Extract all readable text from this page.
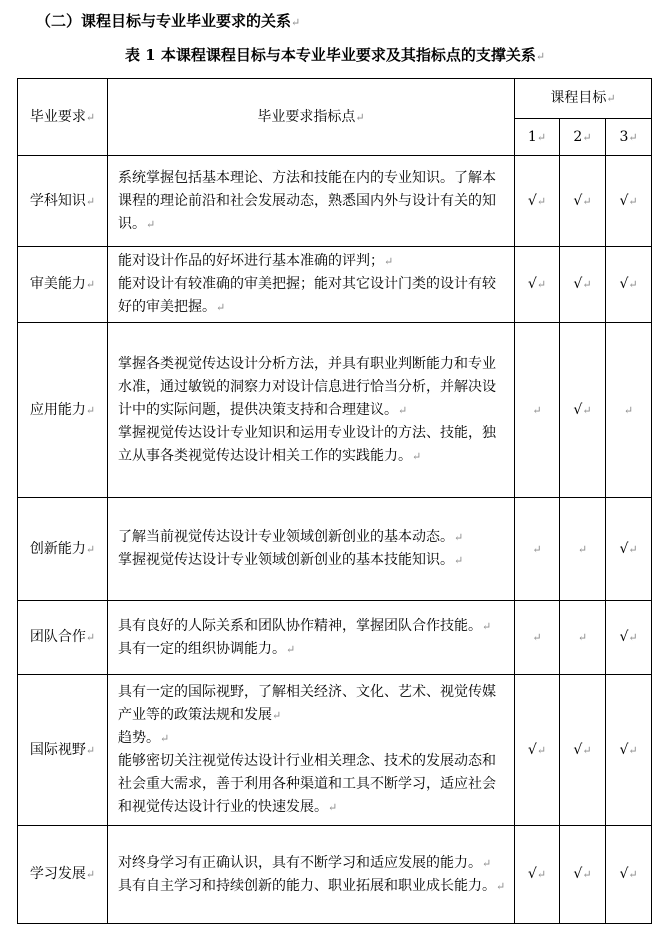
（二）课程目标与专业毕业要求的关系↵
表 1 本课程课程目标与本专业毕业要求及其指标点的支撑关系↵
毕业要求↵	毕业要求指标点↵	课程目标↵		
		1↵	2↵	3↵
学科知识↵	系统掌握包括基本理论、方法和技能在内的专业知识。了解本课程的理论前沿和社会发展动态，熟悉国内外与设计有关的知识。↵	√↵	√↵	√↵
审美能力↵	能对设计作品的好坏进行基本准确的评判；↵
能对设计有较准确的审美把握；能对其它设计门类的设计有较好的审美把握。↵	√↵	√↵	√↵
应用能力↵	掌握各类视觉传达设计分析方法，并具有职业判断能力和专业水准，通过敏锐的洞察力对设计信息进行恰当分析，并解决设计中的实际问题，提供决策支持和合理建议。↵
掌握视觉传达设计专业知识和运用专业设计的方法、技能，独立从事各类视觉传达设计相关工作的实践能力。↵	↵	√↵	↵
创新能力↵	了解当前视觉传达设计专业领域创新创业的基本动态。↵
掌握视觉传达设计专业领域创新创业的基本技能知识。↵	↵	↵	√↵
团队合作↵	具有良好的人际关系和团队协作精神，掌握团队合作技能。↵
具有一定的组织协调能力。↵	↵	↵	√↵
国际视野↵	具有一定的国际视野，了解相关经济、文化、艺术、视觉传媒产业等的政策法规和发展↵
趋势。↵
能够密切关注视觉传达设计行业相关理念、技术的发展动态和社会重大需求，善于利用各种渠道和工具不断学习，适应社会和视觉传达设计行业的快速发展。↵	√↵	√↵	√↵
学习发展↵	对终身学习有正确认识，具有不断学习和适应发展的能力。↵
具有自主学习和持续创新的能力、职业拓展和职业成长能力。↵	√↵	√↵	√↵
